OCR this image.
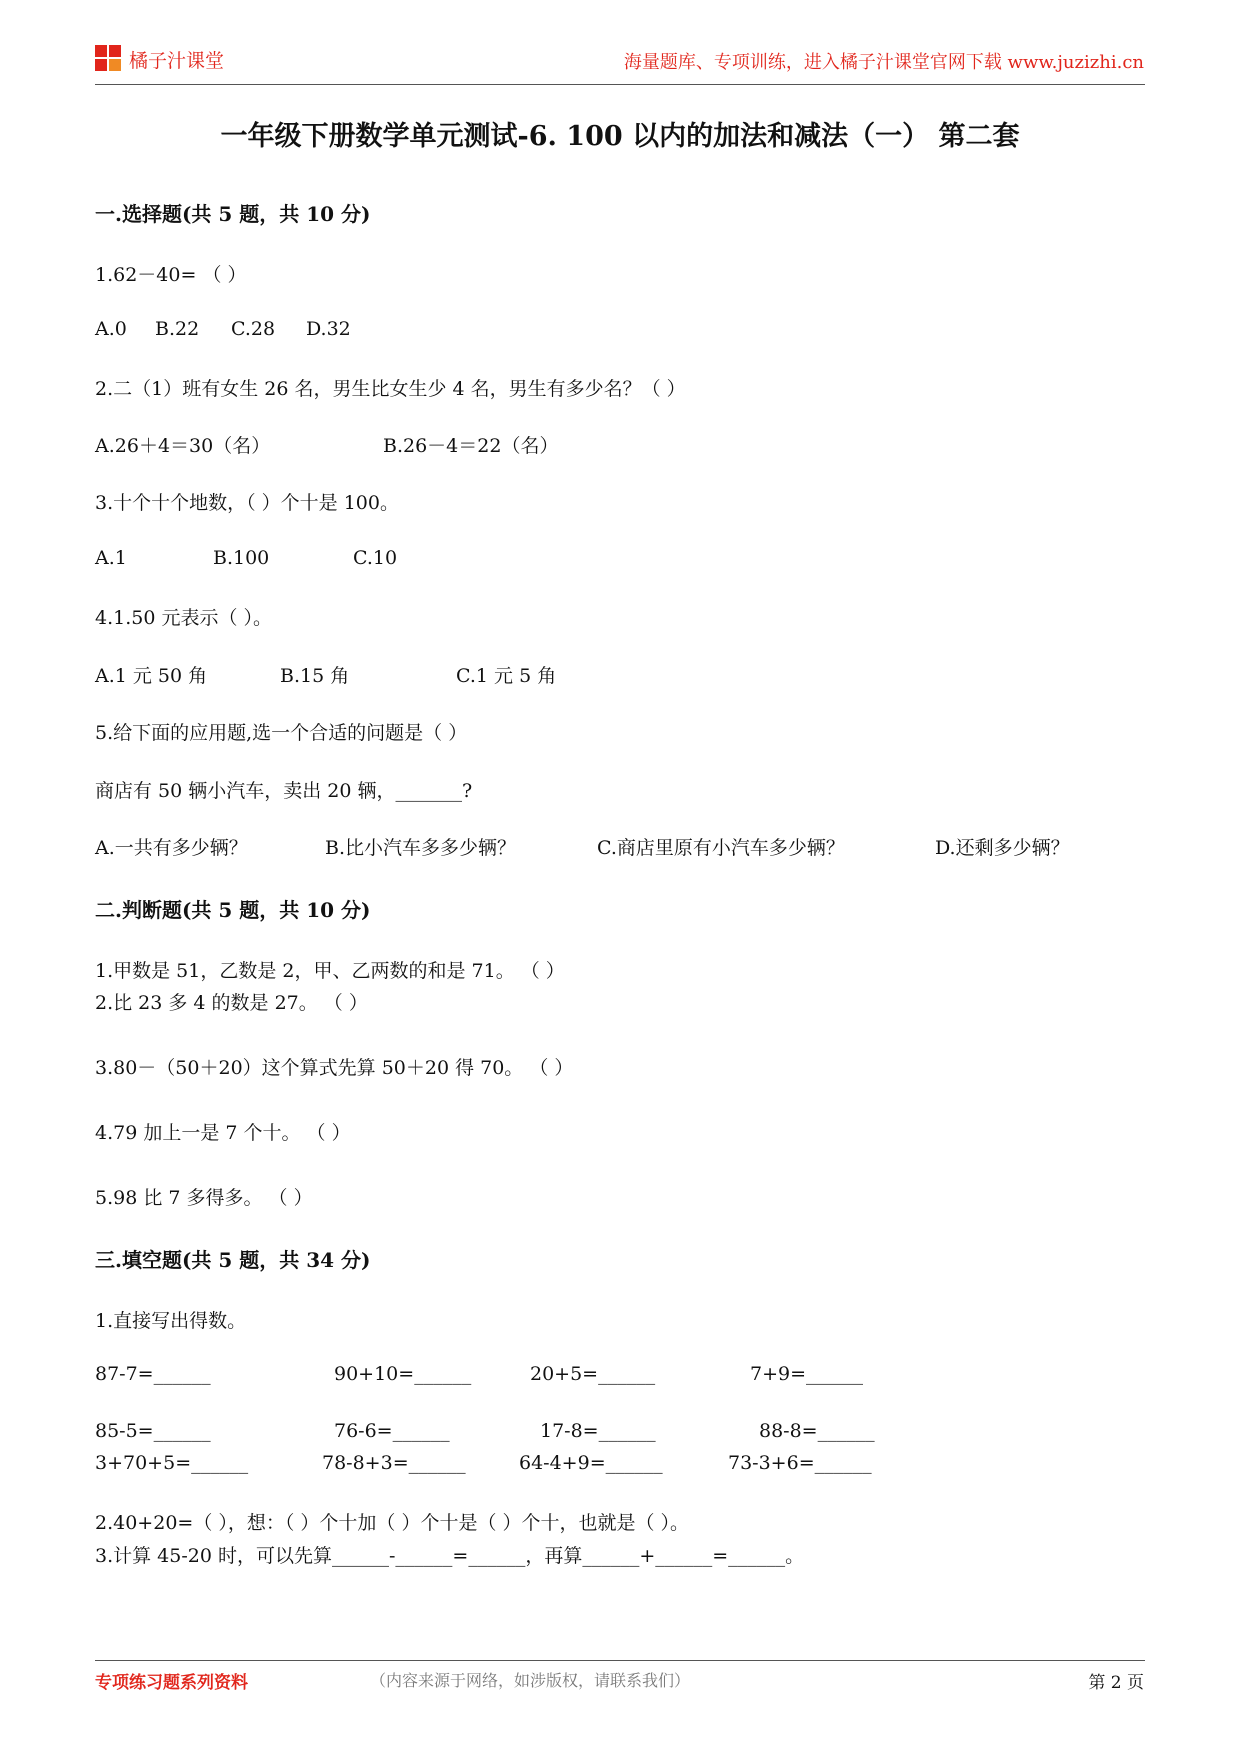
橘子汁课堂	海量题库、专项训练，进入橘子汁课堂官网下载 www.juzizhi.cn
一年级下册数学单元测试-6. 100 以内的加法和减法（一） 第二套
一.选择题(共 5 题，共 10 分)
1.62－40= （ ）
A.0 B.22 C.28 D.32
2.二（1）班有女生 26 名，男生比女生少 4 名，男生有多少名？（ ）
A.26＋4＝30（名）	B.26－4＝22（名）
3.十个十个地数，（ ）个十是 100。
A.1	B.100	C.10
4.1.50 元表示（ ）。
A.1 元 50 角	B.15 角	C.1 元 5 角
5.给下面的应用题,选一个合适的问题是（ ）
商店有 50 辆小汽车，卖出 20 辆，_______?
A.一共有多少辆？	B.比小汽车多多少辆？	C.商店里原有小汽车多少辆？	D.还剩多少辆？
二.判断题(共 5 题，共 10 分)
1.甲数是 51，乙数是 2，甲、乙两数的和是 71。 （ ）
2.比 23 多 4 的数是 27。 （ ）
3.80－（50＋20）这个算式先算 50＋20 得 70。 （ ）
4.79 加上一是 7 个十。 （ ）
5.98 比 7 多得多。 （ ）
三.填空题(共 5 题，共 34 分)
1.直接写出得数。
87-7=______	90+10=______	20+5=______	7+9=______
85-5=______	76-6=______	17-8=______	88-8=______
3+70+5=______	78-8+3=______	64-4+9=______	73-3+6=______
2.40+20=（ ），想：（ ）个十加（ ）个十是（ ）个十，也就是（ ）。
3.计算 45-20 时，可以先算______-______=______，再算______+______=______。
专项练习题系列资料	（内容来源于网络，如涉版权，请联系我们）	第 2 页
